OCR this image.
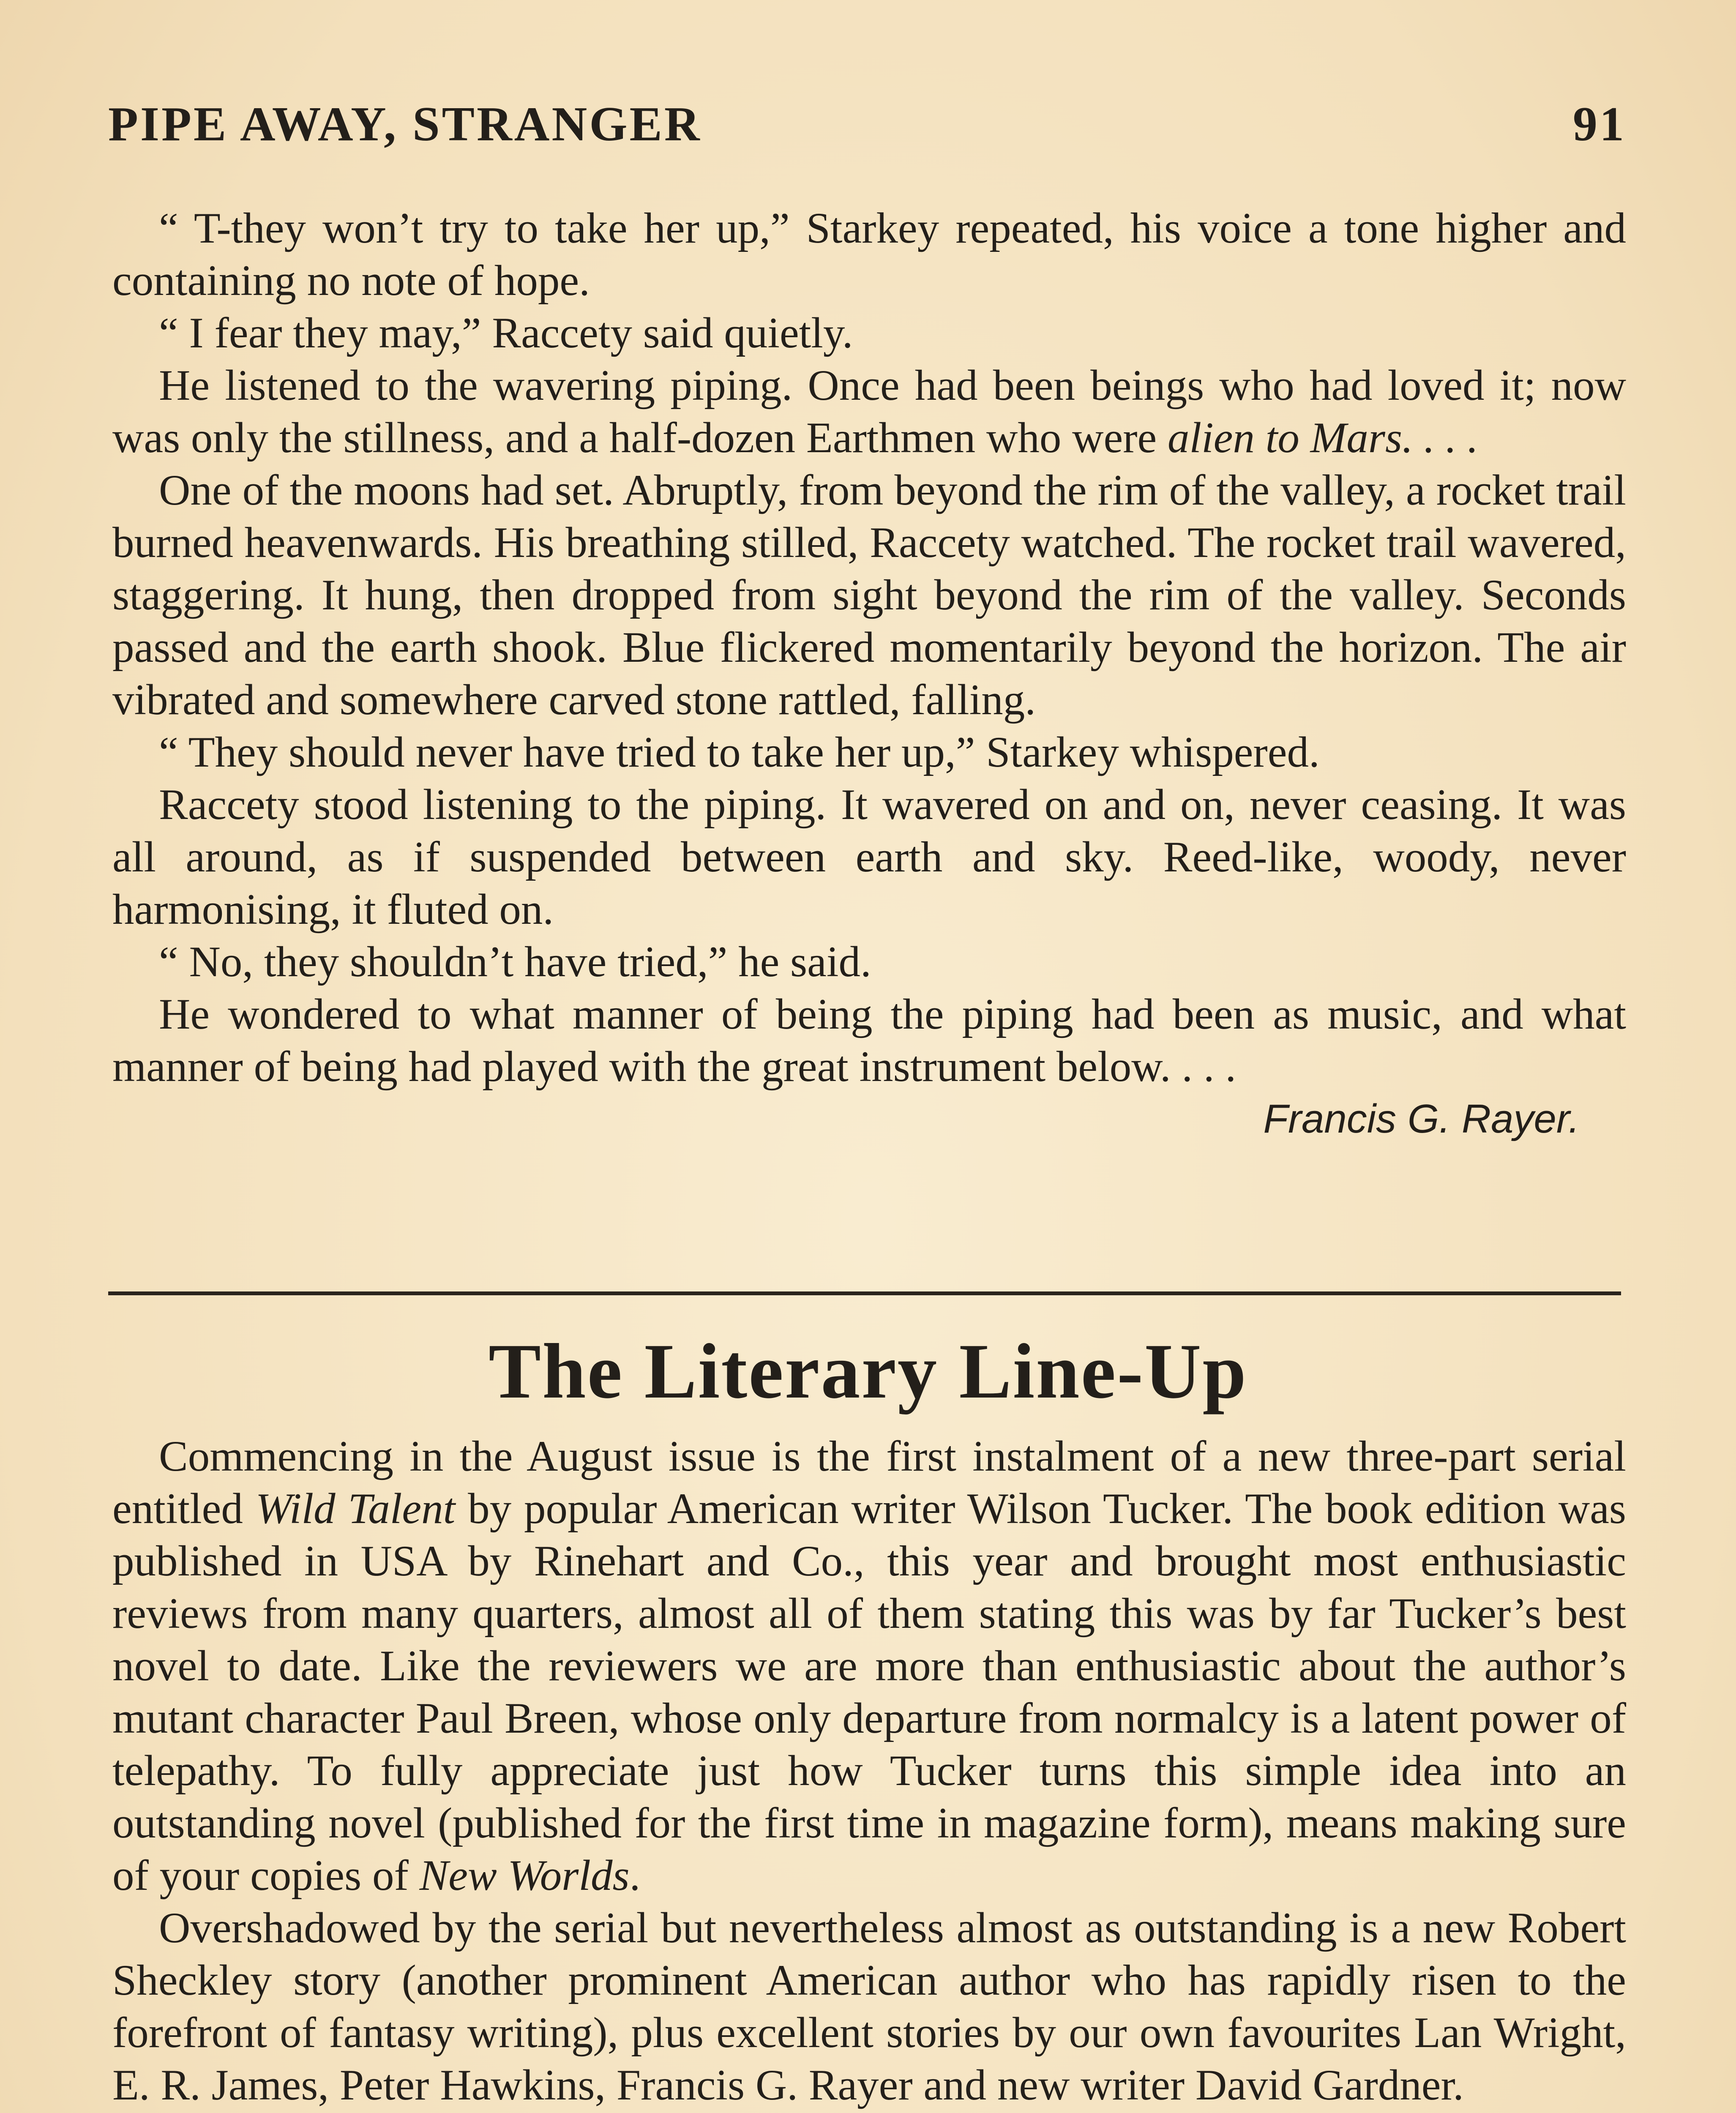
PIPE AWAY, STRANGER	91

“ T-they won’t try to take her up,” Starkey repeated, his voice a tone higher and containing no note of hope.

“ I fear they may,” Raccety said quietly.

He listened to the wavering piping. Once had been beings who had loved it; now was only the stillness, and a half-dozen Earthmen who were alien to Mars. . . .

One of the moons had set. Abruptly, from beyond the rim of the valley, a rocket trail burned heavenwards. His breathing stilled, Raccety watched. The rocket trail wavered, staggering. It hung, then dropped from sight beyond the rim of the valley. Seconds passed and the earth shook. Blue flickered momentarily beyond the horizon. The air vibrated and somewhere carved stone rattled, falling.

“ They should never have tried to take her up,” Starkey whispered.

Raccety stood listening to the piping. It wavered on and on, never ceasing. It was all around, as if suspended between earth and sky. Reed-like, woody, never harmonising, it fluted on.

“ No, they shouldn’t have tried,” he said.

He wondered to what manner of being the piping had been as music, and what manner of being had played with the great instrument below. . . .

Francis G. Rayer.

The Literary Line-Up

Commencing in the August issue is the first instalment of a new three-part serial entitled Wild Talent by popular American writer Wilson Tucker. The book edition was published in USA by Rinehart and Co., this year and brought most enthusiastic reviews from many quarters, almost all of them stating this was by far Tucker’s best novel to date. Like the reviewers we are more than enthusiastic about the author’s mutant character Paul Breen, whose only departure from normalcy is a latent power of telepathy. To fully appreciate just how Tucker turns this simple idea into an outstanding novel (published for the first time in magazine form), means making sure of your copies of New Worlds.

Overshadowed by the serial but nevertheless almost as outstanding is a new Robert Sheckley story (another prominent American author who has rapidly risen to the forefront of fantasy writing), plus excellent stories by our own favourites Lan Wright, E. R. James, Peter Hawkins, Francis G. Rayer and new writer David Gardner.
